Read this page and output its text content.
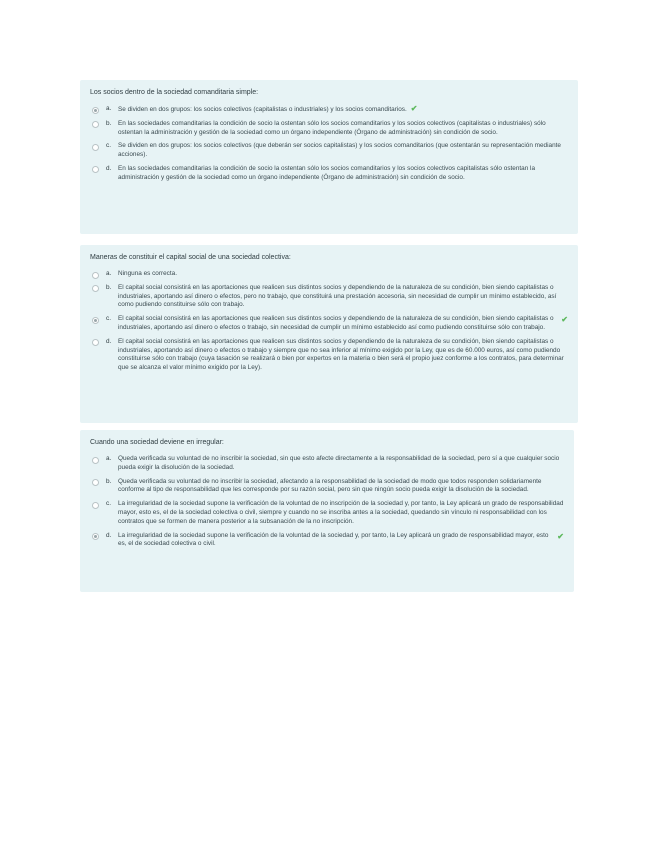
Los socios dentro de la sociedad comanditaria simple:

a.	Se dividen en dos grupos: los socios colectivos (capitalistas o industriales) y los socios comanditarios. ✔
b.	En las sociedades comanditarias la condición de socio la ostentan sólo los socios comanditarios y los socios colectivos (capitalistas o industriales) sólo ostentan la administración y gestión de la sociedad como un órgano independiente (Órgano de administración) sin condición de socio.
c.	Se dividen en dos grupos: los socios colectivos (que deberán ser socios capitalistas) y los socios comanditarios (que ostentarán su representación mediante acciones).
d.	En las sociedades comanditarias la condición de socio la ostentan sólo los socios comanditarios y los socios colectivos capitalistas sólo ostentan la administración y gestión de la sociedad como un órgano independiente (Órgano de administración) sin condición de socio.

Maneras de constituir el capital social de una sociedad colectiva:

a.	Ninguna es correcta.
b.	El capital social consistirá en las aportaciones que realicen sus distintos socios y dependiendo de la naturaleza de su condición, bien siendo capitalistas o industriales, aportando así dinero o efectos, pero no trabajo, que constituirá una prestación accesoria, sin necesidad de cumplir un mínimo establecido, así como pudiendo constituirse sólo con trabajo.
c.	El capital social consistirá en las aportaciones que realicen sus distintos socios y dependiendo de la naturaleza de su condición, bien siendo capitalistas o industriales, aportando así dinero o efectos o trabajo, sin necesidad de cumplir un mínimo establecido así como pudiendo constituirse sólo con trabajo.
✔
d.	El capital social consistirá en las aportaciones que realicen sus distintos socios y dependiendo de la naturaleza de su condición, bien siendo capitalistas o industriales, aportando así dinero o efectos o trabajo y siempre que no sea inferior al mínimo exigido por la Ley, que es de 60.000 euros, así como pudiendo constituirse sólo con trabajo (cuya tasación se realizará o bien por expertos en la materia o bien será el propio juez conforme a los contratos, para determinar que se alcanza el valor mínimo exigido por la Ley).

Cuando una sociedad deviene en irregular:

a.	Queda verificada su voluntad de no inscribir la sociedad, sin que esto afecte directamente a la responsabilidad de la sociedad, pero sí a que cualquier socio pueda exigir la disolución de la sociedad.
b.	Queda verificada su voluntad de no inscribir la sociedad, afectando a la responsabilidad de la sociedad de modo que todos responden solidariamente conforme al tipo de responsabilidad que les corresponde por su razón social, pero sin que ningún socio pueda exigir la disolución de la sociedad.
c.	La irregularidad de la sociedad supone la verificación de la voluntad de no inscripción de la sociedad y, por tanto, la Ley aplicará un grado de responsabilidad mayor, esto es, el de la sociedad colectiva o civil, siempre y cuando no se inscriba antes a la sociedad, quedando sin vínculo ni responsabilidad con los contratos que se formen de manera posterior a la subsanación de la no inscripción.
d.	La irregularidad de la sociedad supone la verificación de la voluntad de la sociedad y, por tanto, la Ley aplicará un grado de responsabilidad mayor, esto es, el de sociedad colectiva o civil.
✔
